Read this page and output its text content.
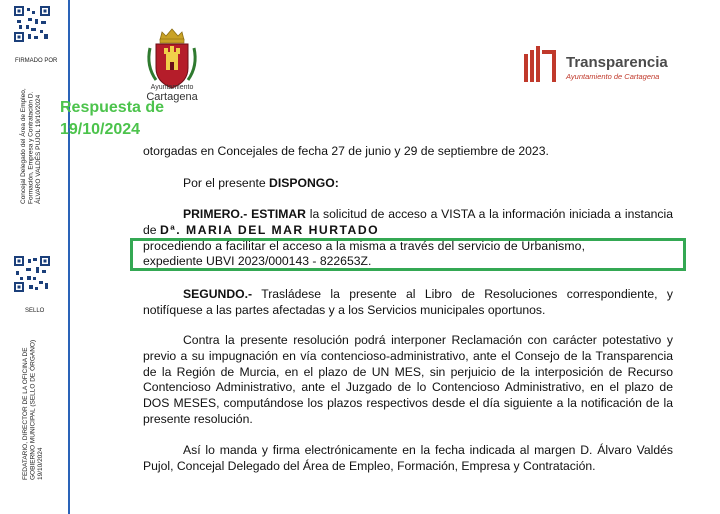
FIRMADO POR
Concejal Delegado del Área de Empleo, Formación, Empresa y Contratación D. ÁLVARO VALDÉS PUJOL 19/10/2024
SELLO
FEDATARIO, DIRECTOR DE LA OFICINA DE GOBIERNO MUNICIPAL (SELLO DE ÓRGANO) 19/10/2024
Ayuntamiento
Cartagena
Transparencia
Ayuntamiento de Cartagena
Respuesta de 19/10/2024
otorgadas en Concejales de fecha 27 de junio y 29 de septiembre de 2023.
Por el presente DISPONGO:
PRIMERO.- ESTIMAR la solicitud de acceso a VISTA a la información iniciada a instancia de Dª. MARIA DEL MAR HURTADO
procediendo a facilitar el acceso a la misma a través del servicio de Urbanismo,
expediente UBVI 2023/000143 - 822653Z.
SEGUNDO.- Trasládese la presente al Libro de Resoluciones correspondiente, y notifíquese a las partes afectadas y a los Servicios municipales oportunos.
Contra la presente resolución podrá interponer Reclamación con carácter potestativo y previo a su impugnación en vía contencioso-administrativo, ante el Consejo de la Transparencia de la Región de Murcia, en el plazo de UN MES, sin perjuicio de la interposición de Recurso Contencioso Administrativo, ante el Juzgado de lo Contencioso Administrativo, en el plazo de DOS MESES, computándose los plazos respectivos desde el día siguiente a la notificación de la presente resolución.
Así lo manda y firma electrónicamente en la fecha indicada al margen D. Álvaro Valdés Pujol, Concejal Delegado del Área de Empleo, Formación, Empresa y Contratación.
